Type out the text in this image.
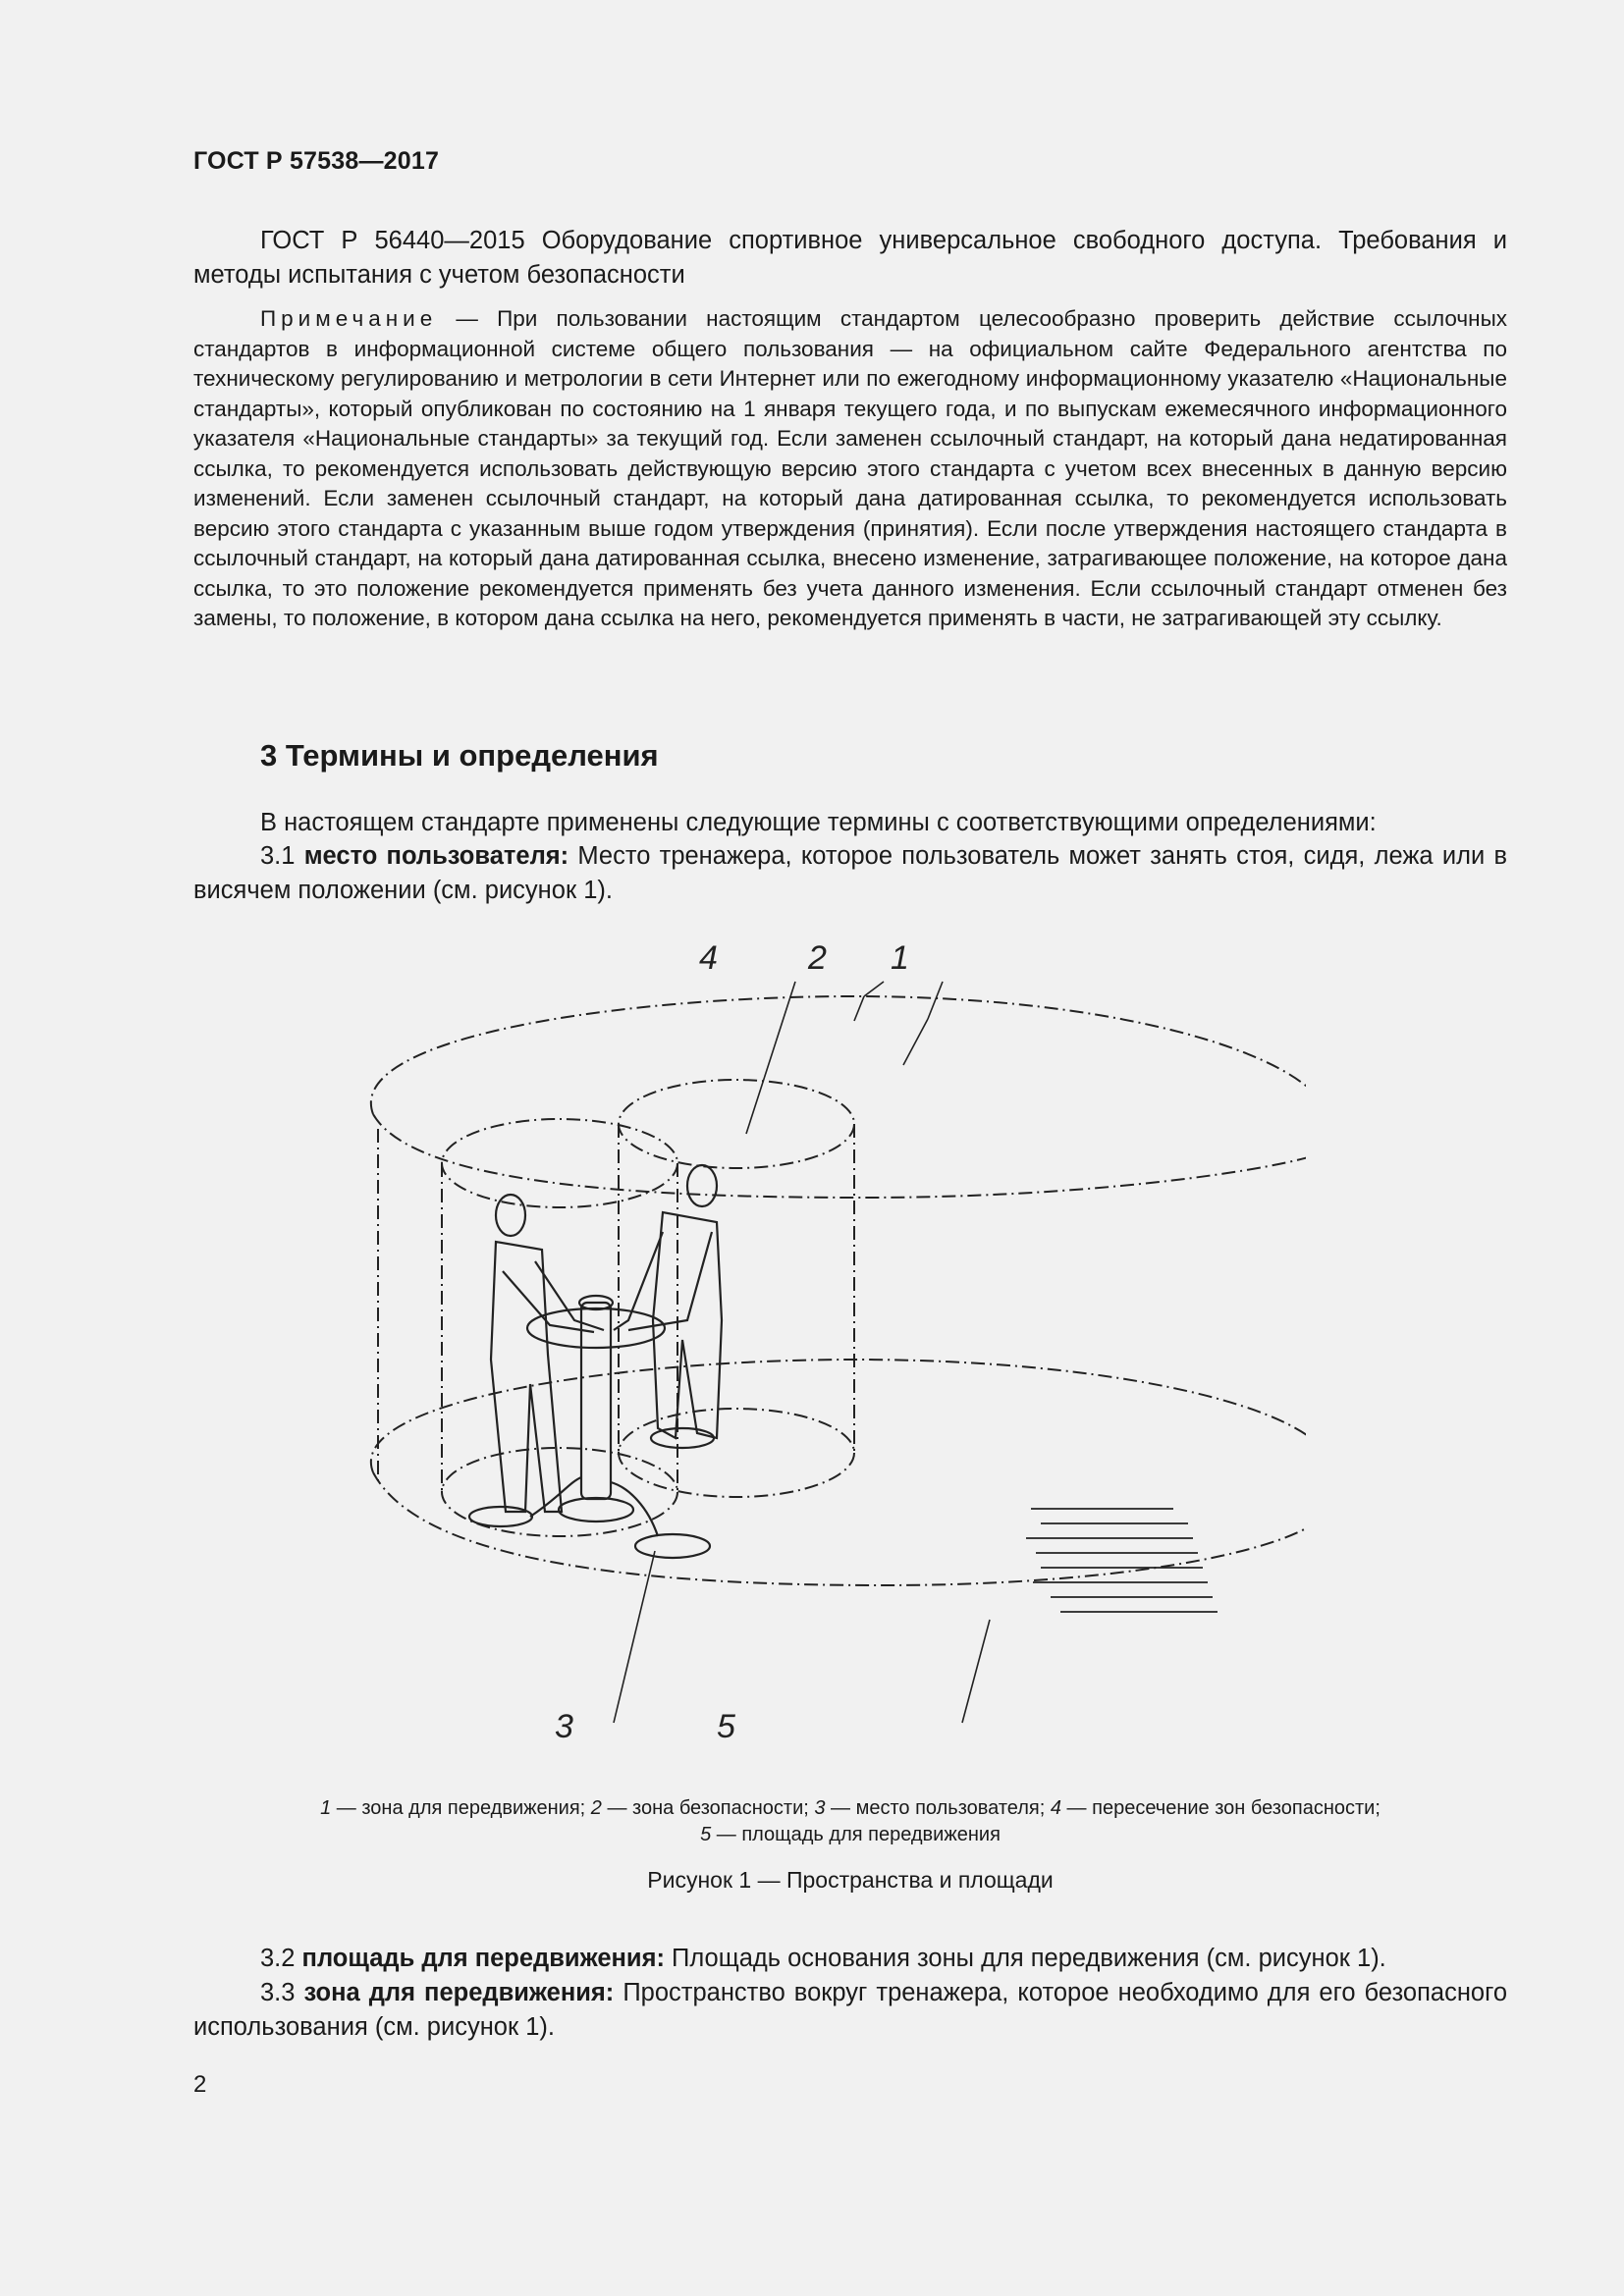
ГОСТ Р 57538—2017
ГОСТ Р 56440—2015 Оборудование спортивное универсальное свободного доступа. Требования и методы испытания с учетом безопасности
Примечание — При пользовании настоящим стандартом целесообразно проверить действие ссылочных стандартов в информационной системе общего пользования — на официальном сайте Федерального агентства по техническому регулированию и метрологии в сети Интернет или по ежегодному информационному указателю «Национальные стандарты», который опубликован по состоянию на 1 января текущего года, и по выпускам ежемесячного информационного указателя «Национальные стандарты» за текущий год. Если заменен ссылочный стандарт, на который дана недатированная ссылка, то рекомендуется использовать действующую версию этого стандарта с учетом всех внесенных в данную версию изменений. Если заменен ссылочный стандарт, на который дана датированная ссылка, то рекомендуется использовать версию этого стандарта с указанным выше годом утверждения (принятия). Если после утверждения настоящего стандарта в ссылочный стандарт, на который дана датированная ссылка, внесено изменение, затрагивающее положение, на которое дана ссылка, то это положение рекомендуется применять без учета данного изменения. Если ссылочный стандарт отменен без замены, то положение, в котором дана ссылка на него, рекомендуется применять в части, не затрагивающей эту ссылку.
3 Термины и определения
В настоящем стандарте применены следующие термины с соответствующими определениями:
3.1 место пользователя: Место тренажера, которое пользователь может занять стоя, сидя, лежа или в висячем положении (см. рисунок 1).
1
2
3
4
5
1 — зона для передвижения; 2 — зона безопасности; 3 — место пользователя; 4 — пересечение зон безопасности;
5 — площадь для передвижения
Рисунок 1 — Пространства и площади
3.2 площадь для передвижения: Площадь основания зоны для передвижения (см. рисунок 1).
3.3 зона для передвижения: Пространство вокруг тренажера, которое необходимо для его безопасного использования (см. рисунок 1).
2
